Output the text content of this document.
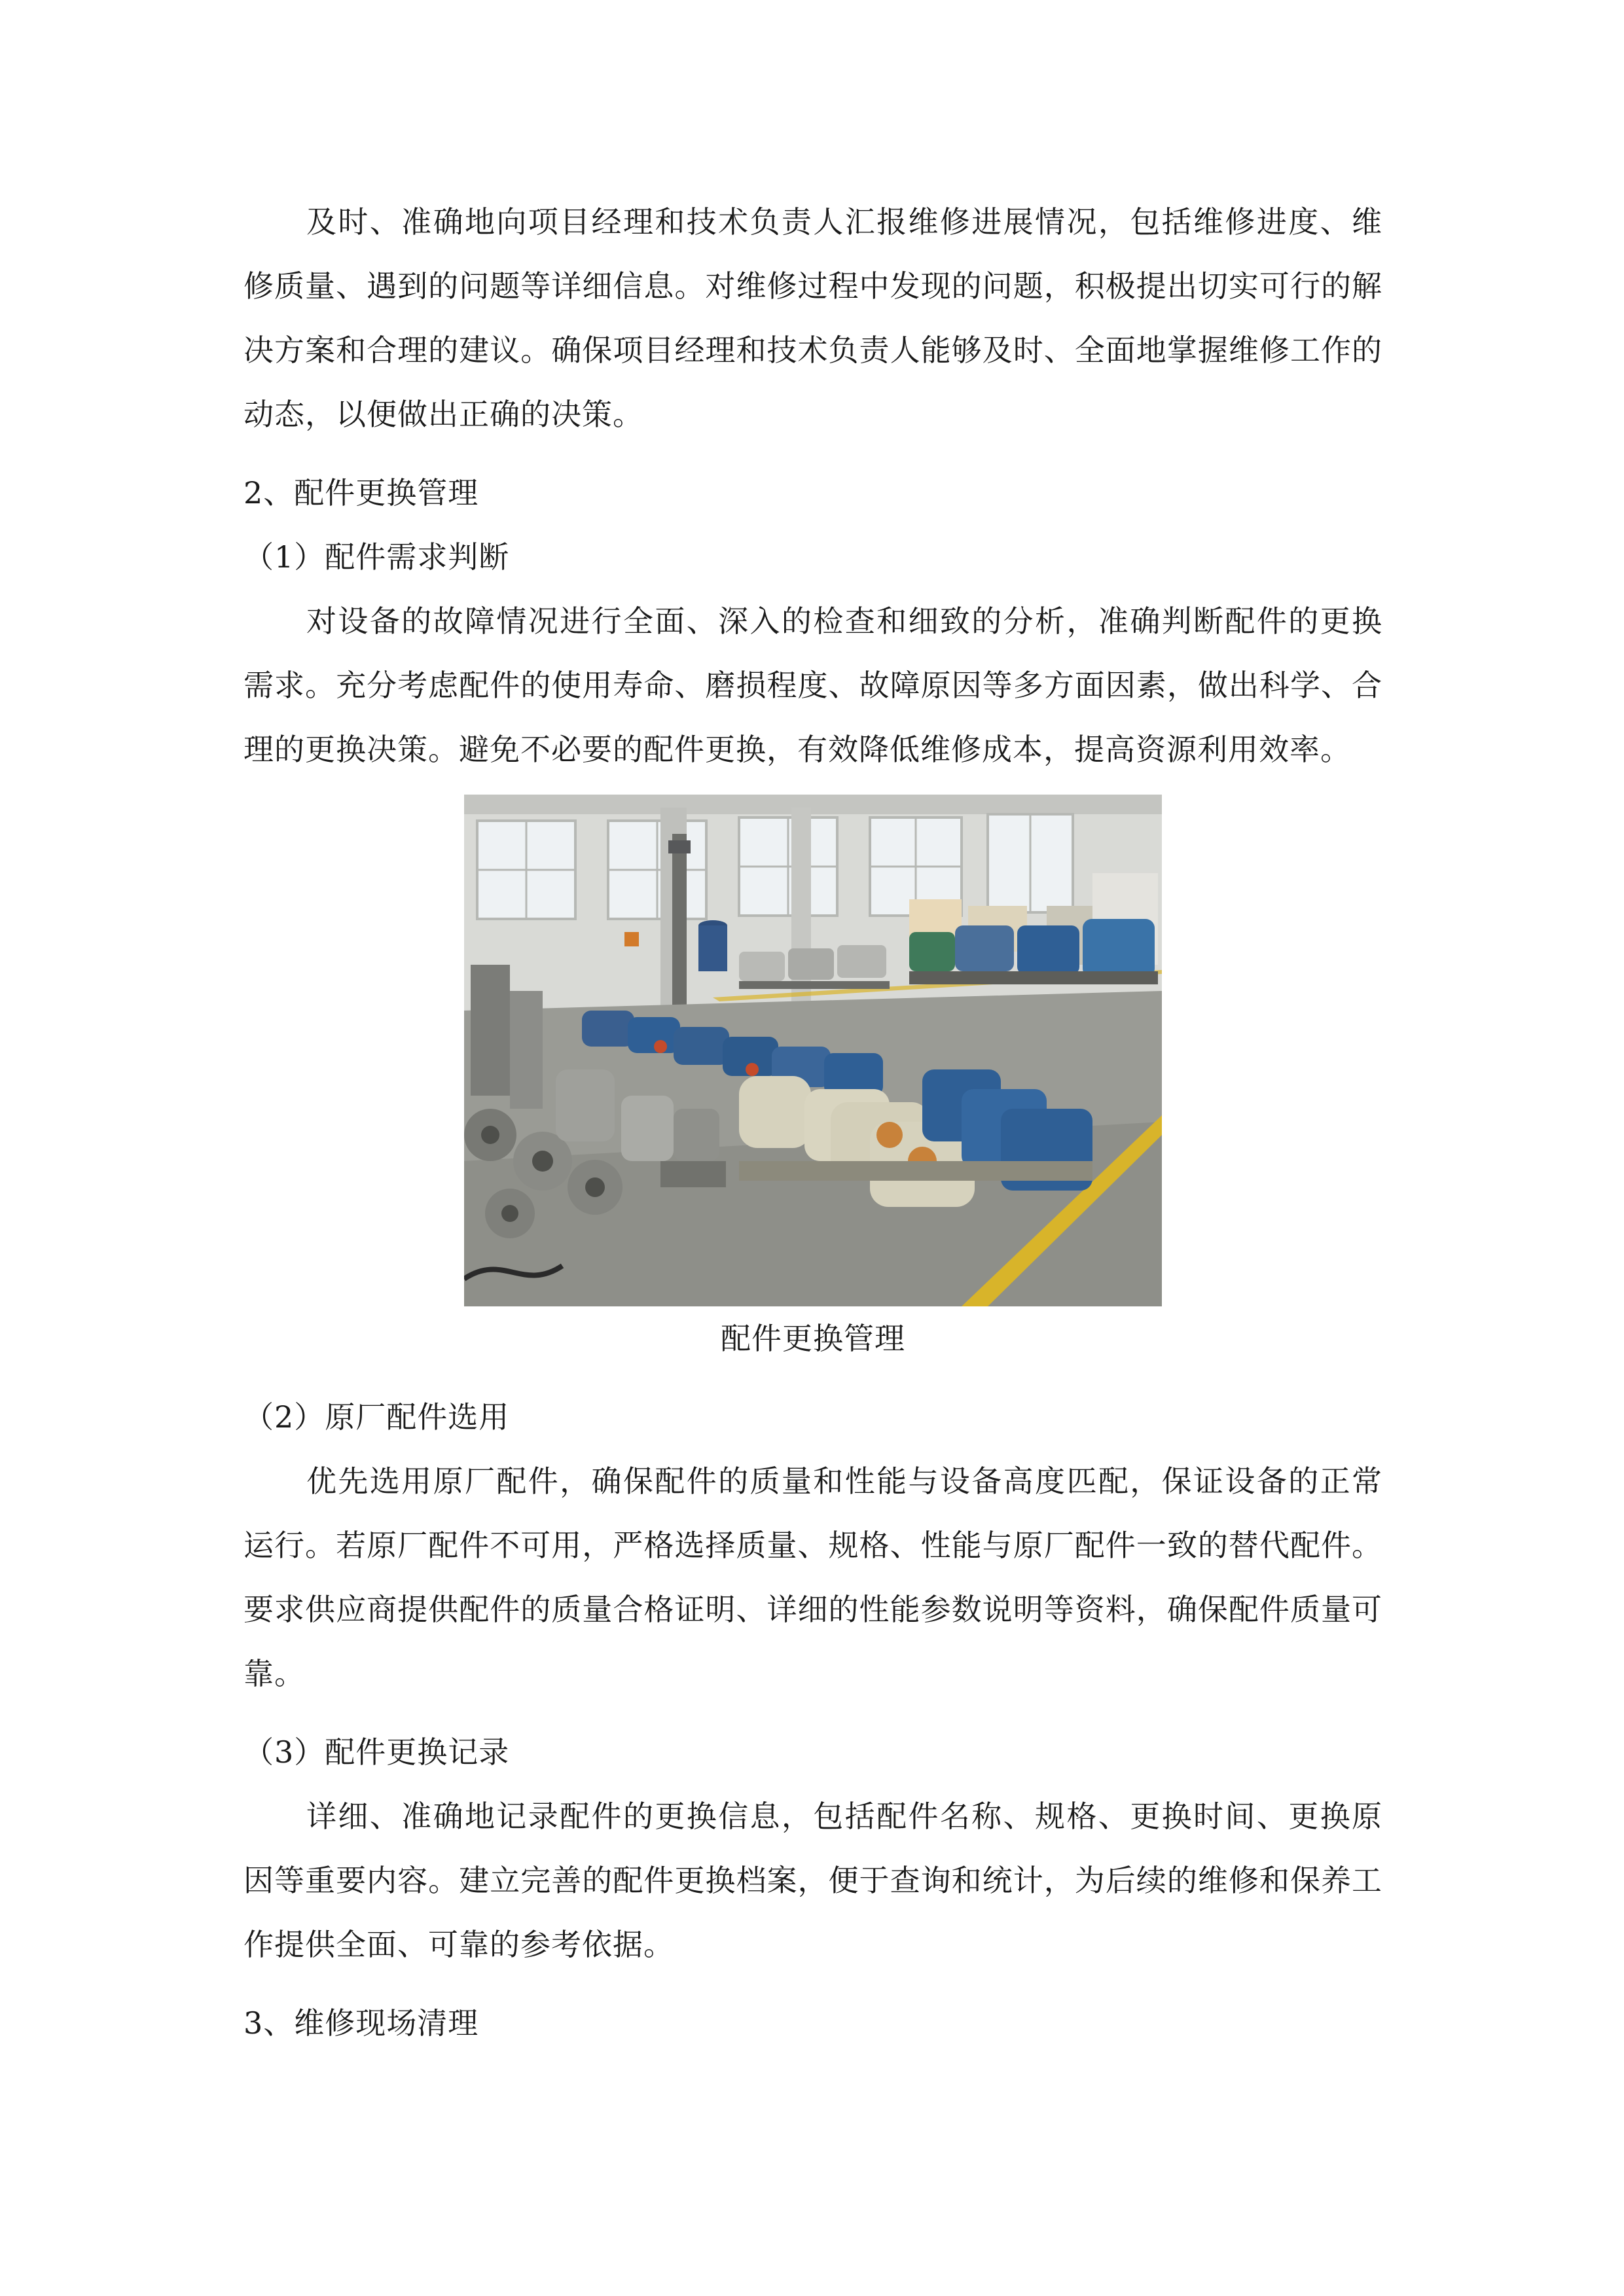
及时、准确地向项目经理和技术负责人汇报维修进展情况，包括维修进度、维修质量、遇到的问题等详细信息。对维修过程中发现的问题，积极提出切实可行的解决方案和合理的建议。确保项目经理和技术负责人能够及时、全面地掌握维修工作的动态，以便做出正确的决策。

2、配件更换管理

（1）配件需求判断

对设备的故障情况进行全面、深入的检查和细致的分析，准确判断配件的更换需求。充分考虑配件的使用寿命、磨损程度、故障原因等多方面因素，做出科学、合理的更换决策。避免不必要的配件更换，有效降低维修成本，提高资源利用效率。

配件更换管理

（2）原厂配件选用

优先选用原厂配件，确保配件的质量和性能与设备高度匹配，保证设备的正常运行。若原厂配件不可用，严格选择质量、规格、性能与原厂配件一致的替代配件。要求供应商提供配件的质量合格证明、详细的性能参数说明等资料，确保配件质量可靠。

（3）配件更换记录

详细、准确地记录配件的更换信息，包括配件名称、规格、更换时间、更换原因等重要内容。建立完善的配件更换档案，便于查询和统计，为后续的维修和保养工作提供全面、可靠的参考依据。

3、维修现场清理
